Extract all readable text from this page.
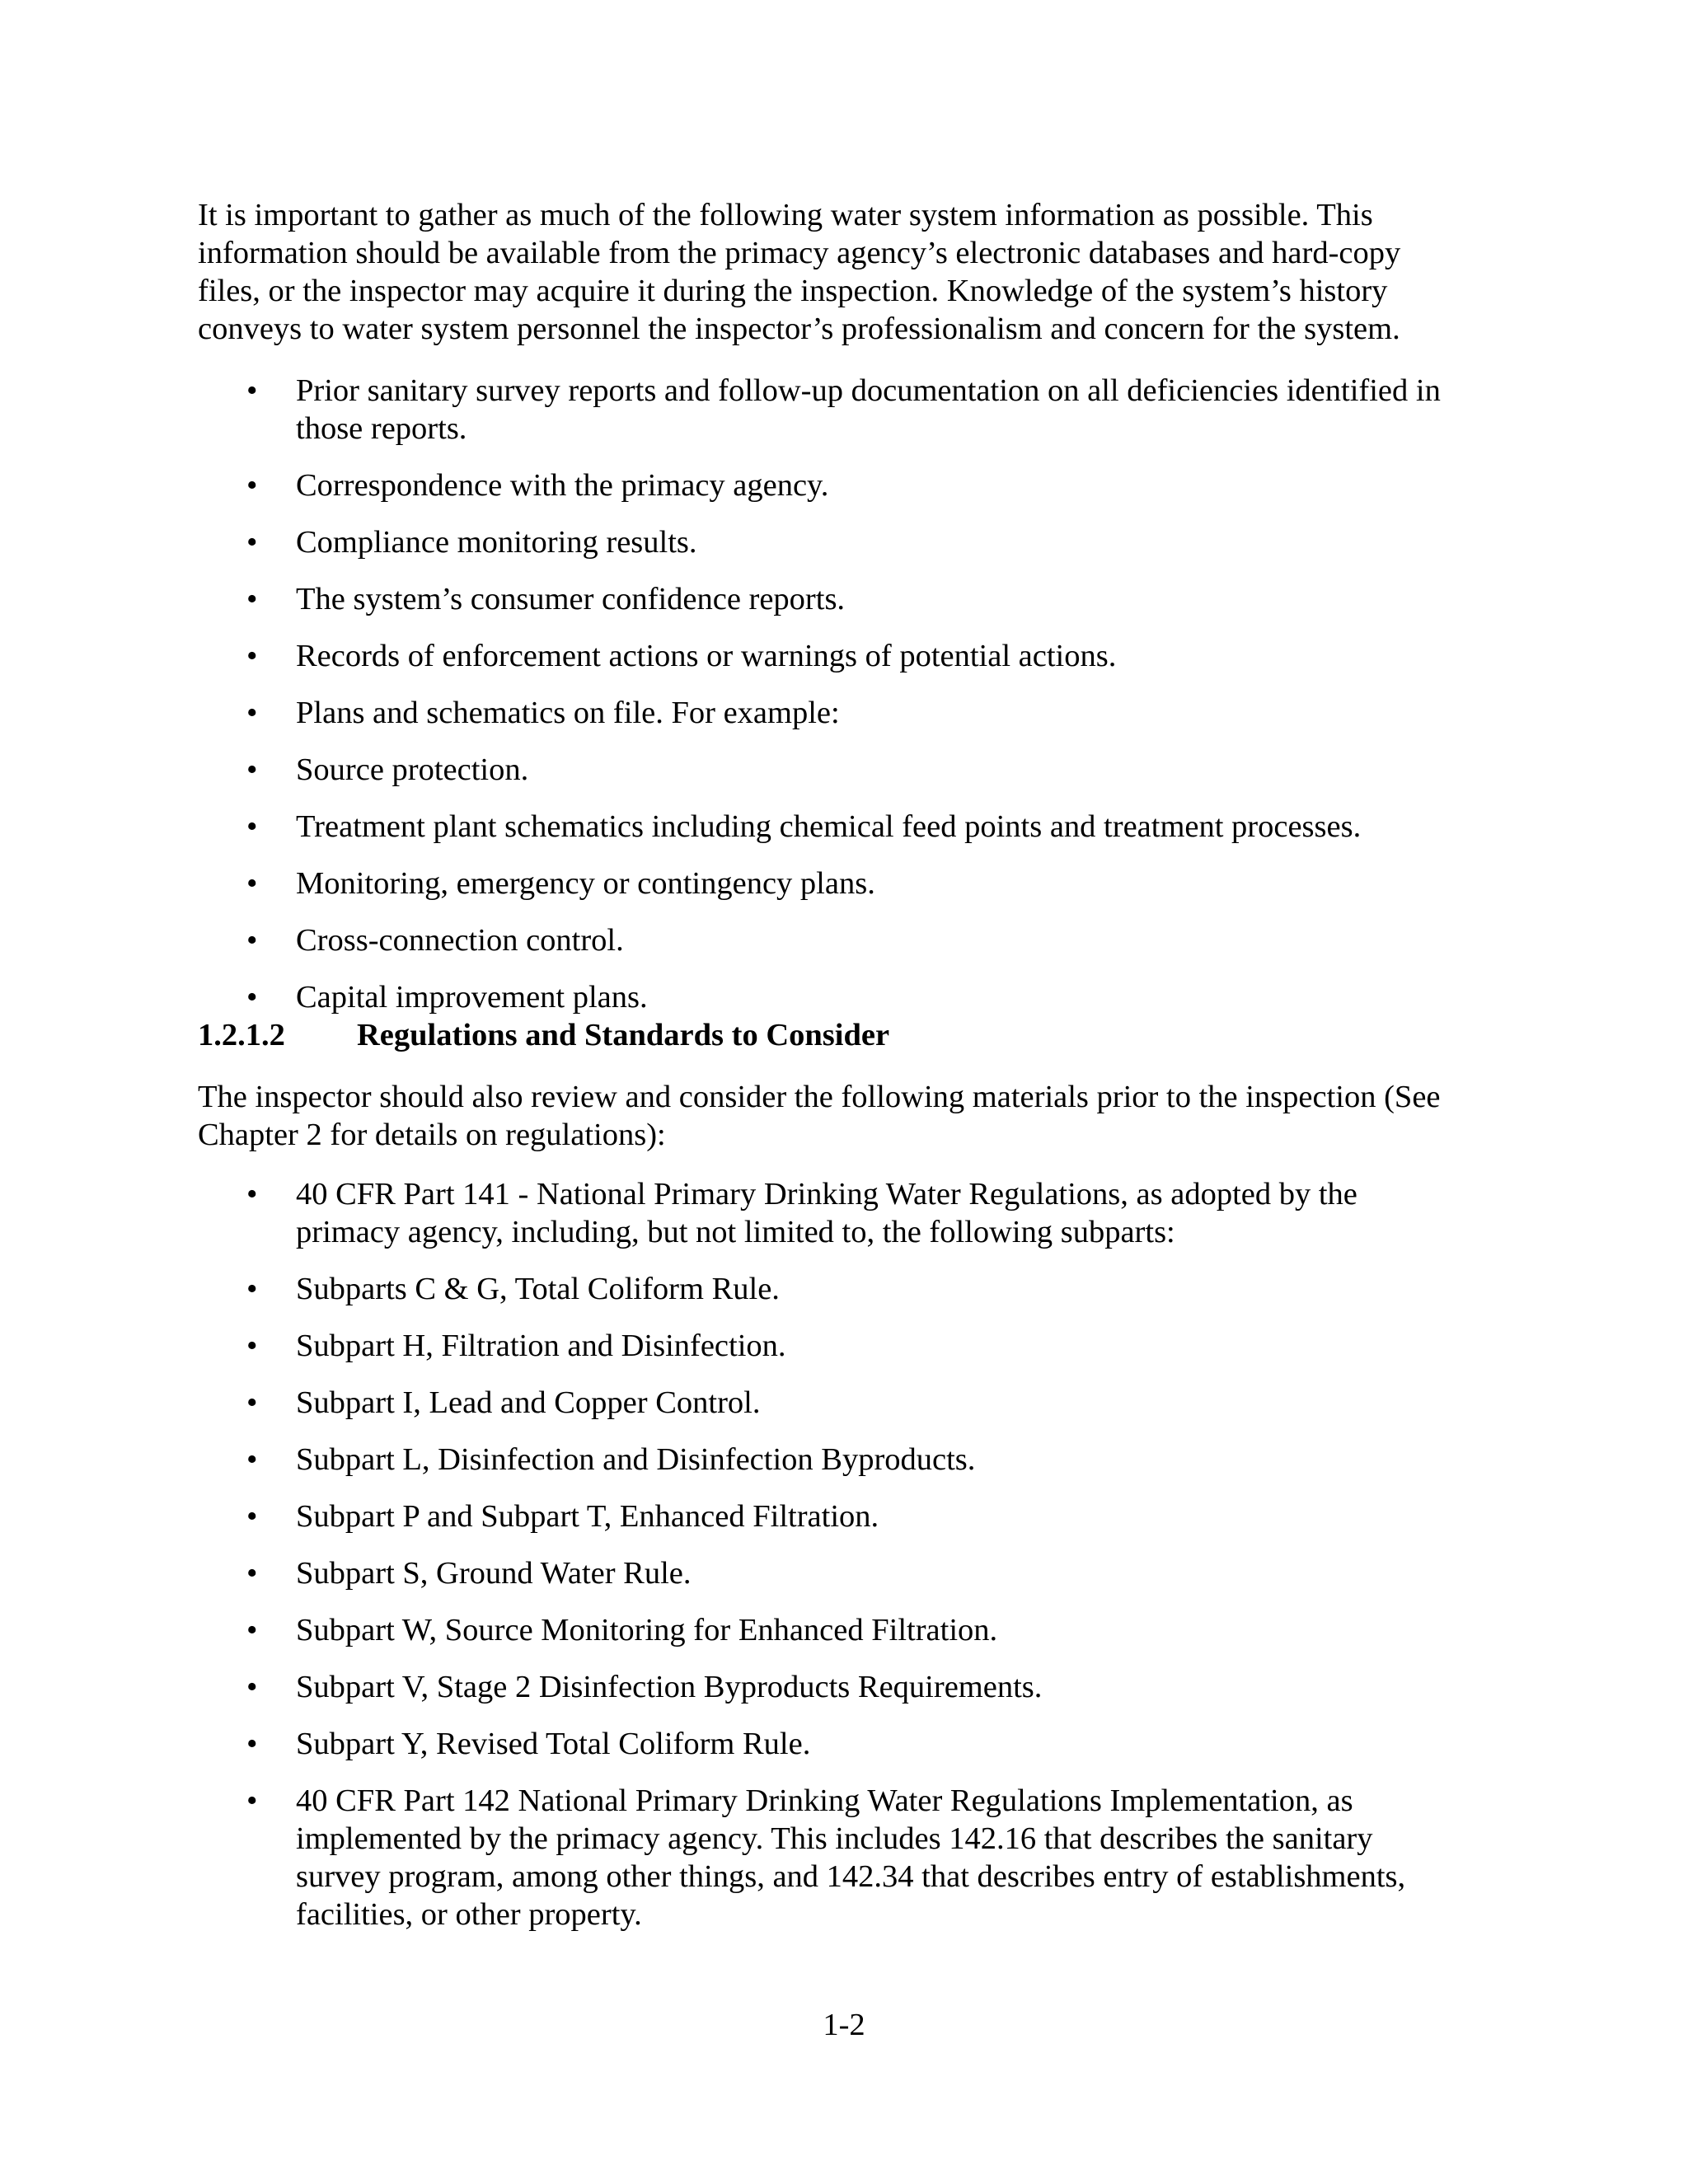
It is important to gather as much of the following water system information as possible. This information should be available from the primacy agency’s electronic databases and hard-copy files, or the inspector may acquire it during the inspection. Knowledge of the system’s history conveys to water system personnel the inspector’s professionalism and concern for the system.

• Prior sanitary survey reports and follow-up documentation on all deficiencies identified in those reports.
• Correspondence with the primacy agency.
• Compliance monitoring results.
• The system’s consumer confidence reports.
• Records of enforcement actions or warnings of potential actions.
• Plans and schematics on file. For example:
• Source protection.
• Treatment plant schematics including chemical feed points and treatment processes.
• Monitoring, emergency or contingency plans.
• Cross-connection control.
• Capital improvement plans.
1.2.1.2	Regulations and Standards to Consider

The inspector should also review and consider the following materials prior to the inspection (See Chapter 2 for details on regulations):

• 40 CFR Part 141 - National Primary Drinking Water Regulations, as adopted by the primacy agency, including, but not limited to, the following subparts:
• Subparts C & G, Total Coliform Rule.
• Subpart H, Filtration and Disinfection.
• Subpart I, Lead and Copper Control.
• Subpart L, Disinfection and Disinfection Byproducts.
• Subpart P and Subpart T, Enhanced Filtration.
• Subpart S, Ground Water Rule.
• Subpart W, Source Monitoring for Enhanced Filtration.
• Subpart V, Stage 2 Disinfection Byproducts Requirements.
• Subpart Y, Revised Total Coliform Rule.
• 40 CFR Part 142 National Primary Drinking Water Regulations Implementation, as implemented by the primacy agency. This includes 142.16 that describes the sanitary survey program, among other things, and 142.34 that describes entry of establishments, facilities, or other property.
1-2
